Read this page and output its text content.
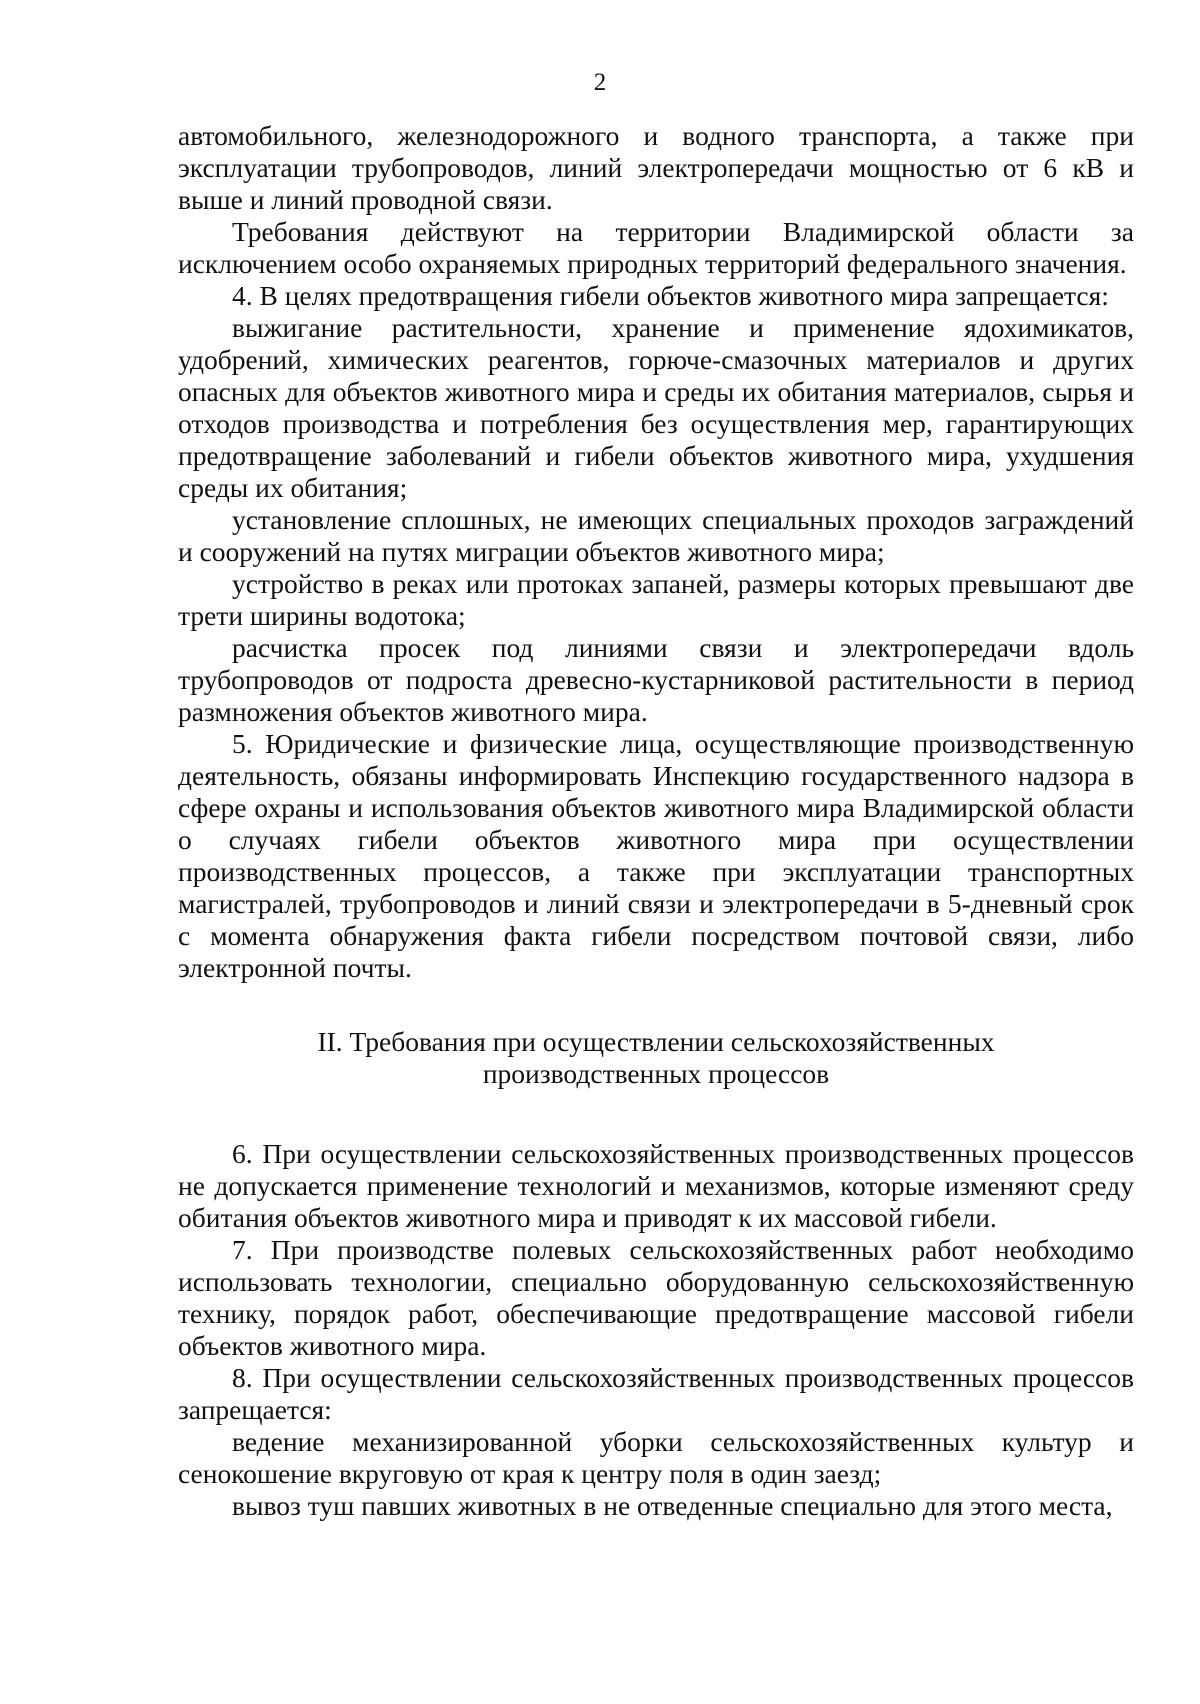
2

автомобильного, железнодорожного и водного транспорта, а также при эксплуатации трубопроводов, линий электропередачи мощностью от 6 кВ и выше и линий проводной связи.

Требования действуют на территории Владимирской области за исключением особо охраняемых природных территорий федерального значения.

4. В целях предотвращения гибели объектов животного мира запрещается:

выжигание растительности, хранение и применение ядохимикатов, удобрений, химических реагентов, горюче-смазочных материалов и других опасных для объектов животного мира и среды их обитания материалов, сырья и отходов производства и потребления без осуществления мер, гарантирующих предотвращение заболеваний и гибели объектов животного мира, ухудшения среды их обитания;

установление сплошных, не имеющих специальных проходов заграждений и сооружений на путях миграции объектов животного мира;

устройство в реках или протоках запаней, размеры которых превышают две трети ширины водотока;

расчистка просек под линиями связи и электропередачи вдоль трубопроводов от подроста древесно-кустарниковой растительности в период размножения объектов животного мира.

5. Юридические и физические лица, осуществляющие производственную деятельность, обязаны информировать Инспекцию государственного надзора в сфере охраны и использования объектов животного мира Владимирской области о случаях гибели объектов животного мира при осуществлении производственных процессов, а также при эксплуатации транспортных магистралей, трубопроводов и линий связи и электропередачи в 5-дневный срок с момента обнаружения факта гибели посредством почтовой связи, либо электронной почты.

II. Требования при осуществлении сельскохозяйственных
производственных процессов

6. При осуществлении сельскохозяйственных производственных процессов не допускается применение технологий и механизмов, которые изменяют среду обитания объектов животного мира и приводят к их массовой гибели.

7. При производстве полевых сельскохозяйственных работ необходимо использовать технологии, специально оборудованную сельскохозяйственную технику, порядок работ, обеспечивающие предотвращение массовой гибели объектов животного мира.

8. При осуществлении сельскохозяйственных производственных процессов запрещается:

ведение механизированной уборки сельскохозяйственных культур и сенокошение вкруговую от края к центру поля в один заезд;

вывоз туш павших животных в не отведенные специально для этого места,
